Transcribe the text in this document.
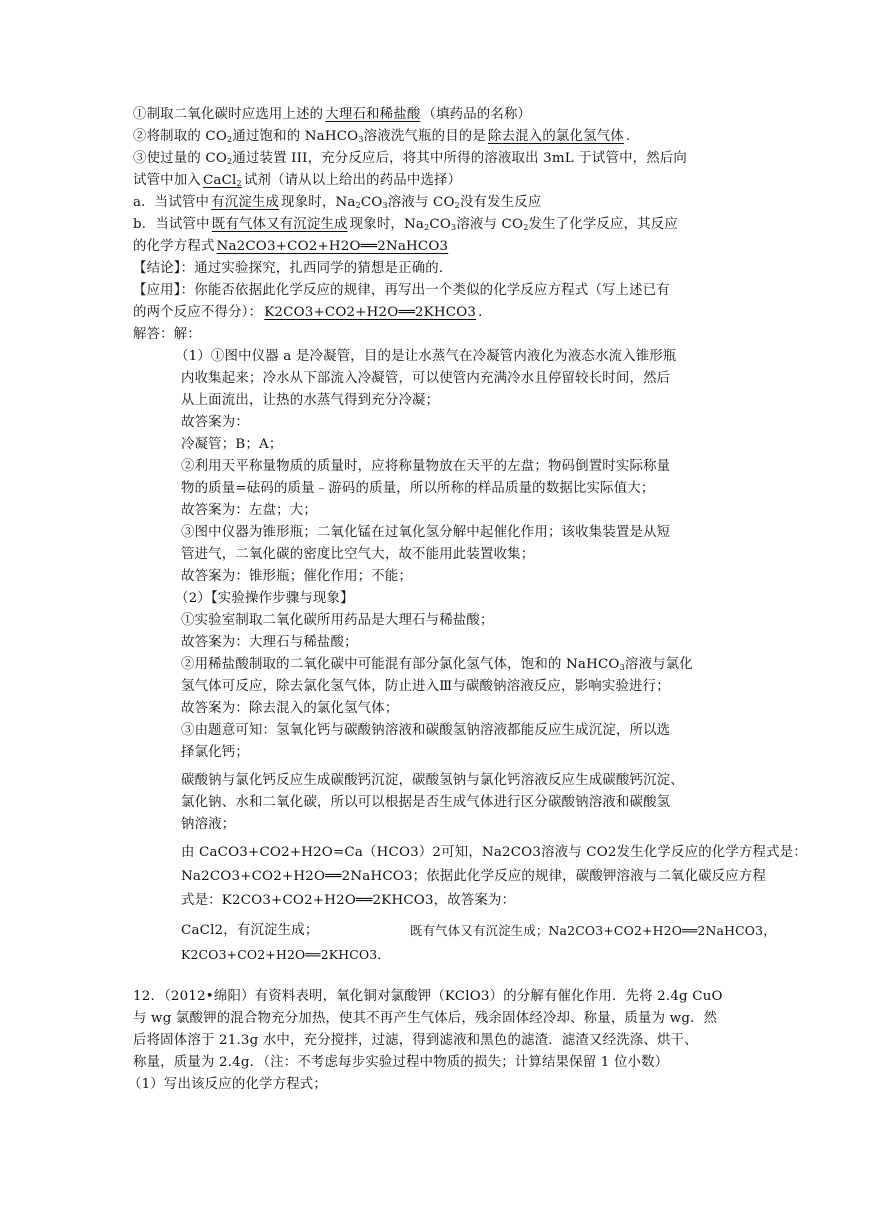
①制取二氧化碳时应选用上述的 大理石和稀盐酸 （填药品的名称）
②将制取的 $CO_2$通过饱和的 NaHCO$_3$溶液洗气瓶的目的是 除去混入的氯化氢气体 ．
③使过量的 $CO_2$通过装置 III，充分反应后，将其中所得的溶液取出 3mL 于试管中，然后向
试管中加入 CaCl$_2$ 试剂（请从以上给出的药品中选择）
a．当试管中 有沉淀生成 现象时，$Na_2CO_3$溶液与 $CO_2$没有发生反应
b．当试管中 既有气体又有沉淀生成 现象时，$Na_2CO_3$溶液与 $CO_2$发生了化学反应，其反应
的化学方程式 Na2CO3+CO2+H2O══2NaHCO3
【结论】：通过实验探究，扎西同学的猜想是正确的．
【应用】：你能否依据此化学反应的规律，再写出一个类似的化学反应方程式（写上述已有
的两个反应不得分）： K2CO3+CO2+H2O══2KHCO3 ．
解答：解：
（1）①图中仪器 a 是冷凝管，目的是让水蒸气在冷凝管内液化为液态水流入锥形瓶
内收集起来；冷水从下部流入冷凝管，可以使管内充满冷水且停留较长时间，然后
从上面流出，让热的水蒸气得到充分冷凝；
故答案为：
冷凝管；B；A；
②利用天平称量物质的质量时，应将称量物放在天平的左盘；物码倒置时实际称量
物的质量=砝码的质量﹣游码的质量，所以所称的样品质量的数据比实际值大；
故答案为：左盘；大；
③图中仪器为锥形瓶；二氧化锰在过氧化氢分解中起催化作用；该收集装置是从短
管进气，二氧化碳的密度比空气大，故不能用此装置收集；
故答案为：锥形瓶；催化作用；不能；
（2）【实验操作步骤与现象】
①实验室制取二氧化碳所用药品是大理石与稀盐酸；
故答案为：大理石与稀盐酸；
②用稀盐酸制取的二氧化碳中可能混有部分氯化氢气体，饱和的 NaHCO$_3$溶液与氯化
氢气体可反应，除去氯化氢气体，防止进入Ⅲ与碳酸钠溶液反应，影响实验进行；
故答案为：除去混入的氯化氢气体；
③由题意可知：氢氧化钙与碳酸钠溶液和碳酸氢钠溶液都能反应生成沉淀，所以选
择氯化钙；
碳酸钠与氯化钙反应生成碳酸钙沉淀，碳酸氢钠与氯化钙溶液反应生成碳酸钙沉淀、
氯化钠、水和二氧化碳，所以可以根据是否生成气体进行区分碳酸钠溶液和碳酸氢
钠溶液；
由 CaCO3+CO2+H2O=Ca（HCO3）2可知，Na2CO3溶液与 CO2发生化学反应的化学方程式是：
Na2CO3+CO2+H2O══2NaHCO3；依据此化学反应的规律，碳酸钾溶液与二氧化碳反应方程
式是：K2CO3+CO2+H2O══2KHCO3，故答案为：
CaCl2，有沉淀生成；	既有气体又有沉淀生成；Na2CO3+CO2+H2O══2NaHCO3，
K2CO3+CO2+H2O══2KHCO3．
12．（2012•绵阳）有资料表明，氧化铜对氯酸钾（KClO3）的分解有催化作用．先将 2.4g CuO
与 wg 氯酸钾的混合物充分加热，使其不再产生气体后，残余固体经冷却、称量，质量为 wg．然
后将固体溶于 21.3g 水中，充分搅拌，过滤，得到滤液和黑色的滤渣．滤渣又经洗涤、烘干、
称量，质量为 2.4g．（注：不考虑每步实验过程中物质的损失；计算结果保留 1 位小数）
（1）写出该反应的化学方程式；
